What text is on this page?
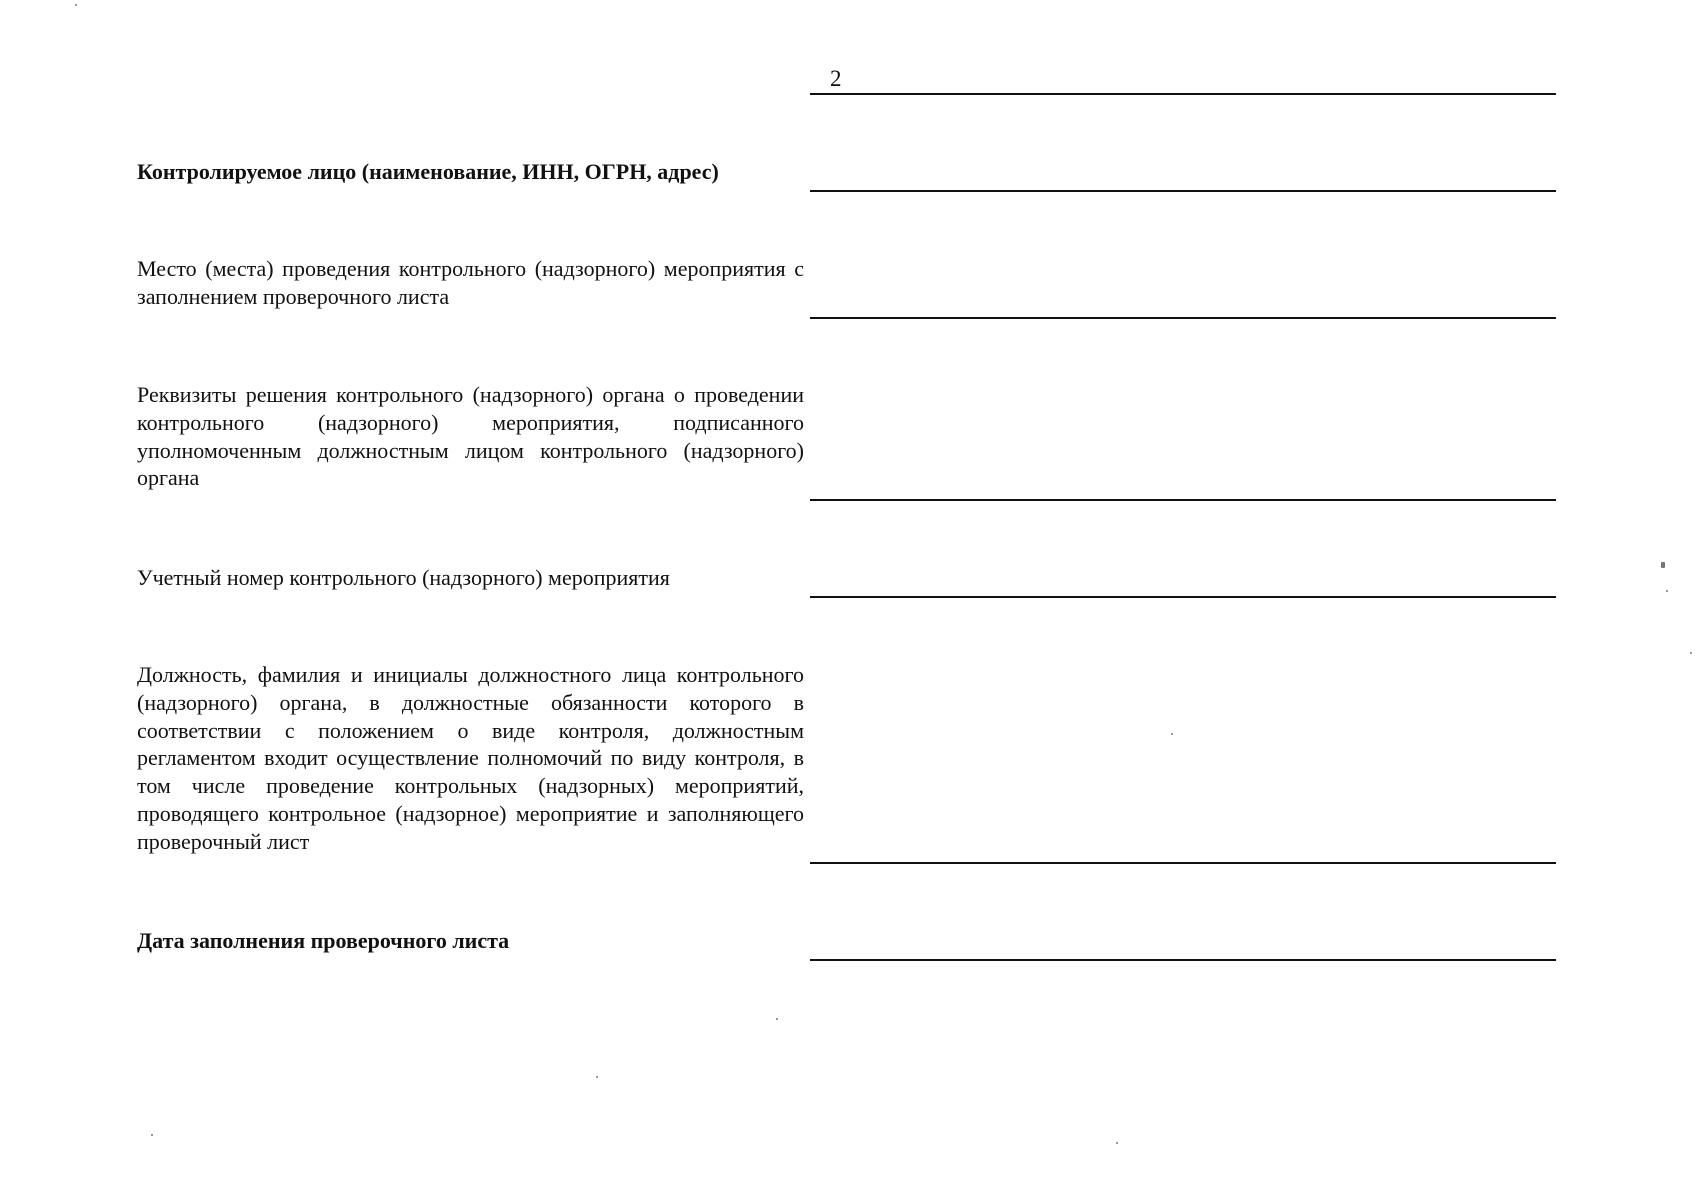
2
Контролируемое лицо (наименование, ИНН, ОГРН, адрес)
Место (места) проведения контрольного (надзорного) мероприятия с заполнением проверочного листа
Реквизиты решения контрольного (надзорного) органа о проведении контрольного (надзорного) мероприятия, подписанного уполномоченным должностным лицом контрольного (надзорного) органа
Учетный номер контрольного (надзорного) мероприятия
Должность, фамилия и инициалы должностного лица контрольного (надзорного) органа, в должностные обязанности которого в соответствии с положением о виде контроля, должностным регламентом входит осуществление полномочий по виду контроля, в том числе проведение контрольных (надзорных) мероприятий, проводящего контрольное (надзорное) мероприятие и заполняющего проверочный лист
Дата заполнения проверочного листа
